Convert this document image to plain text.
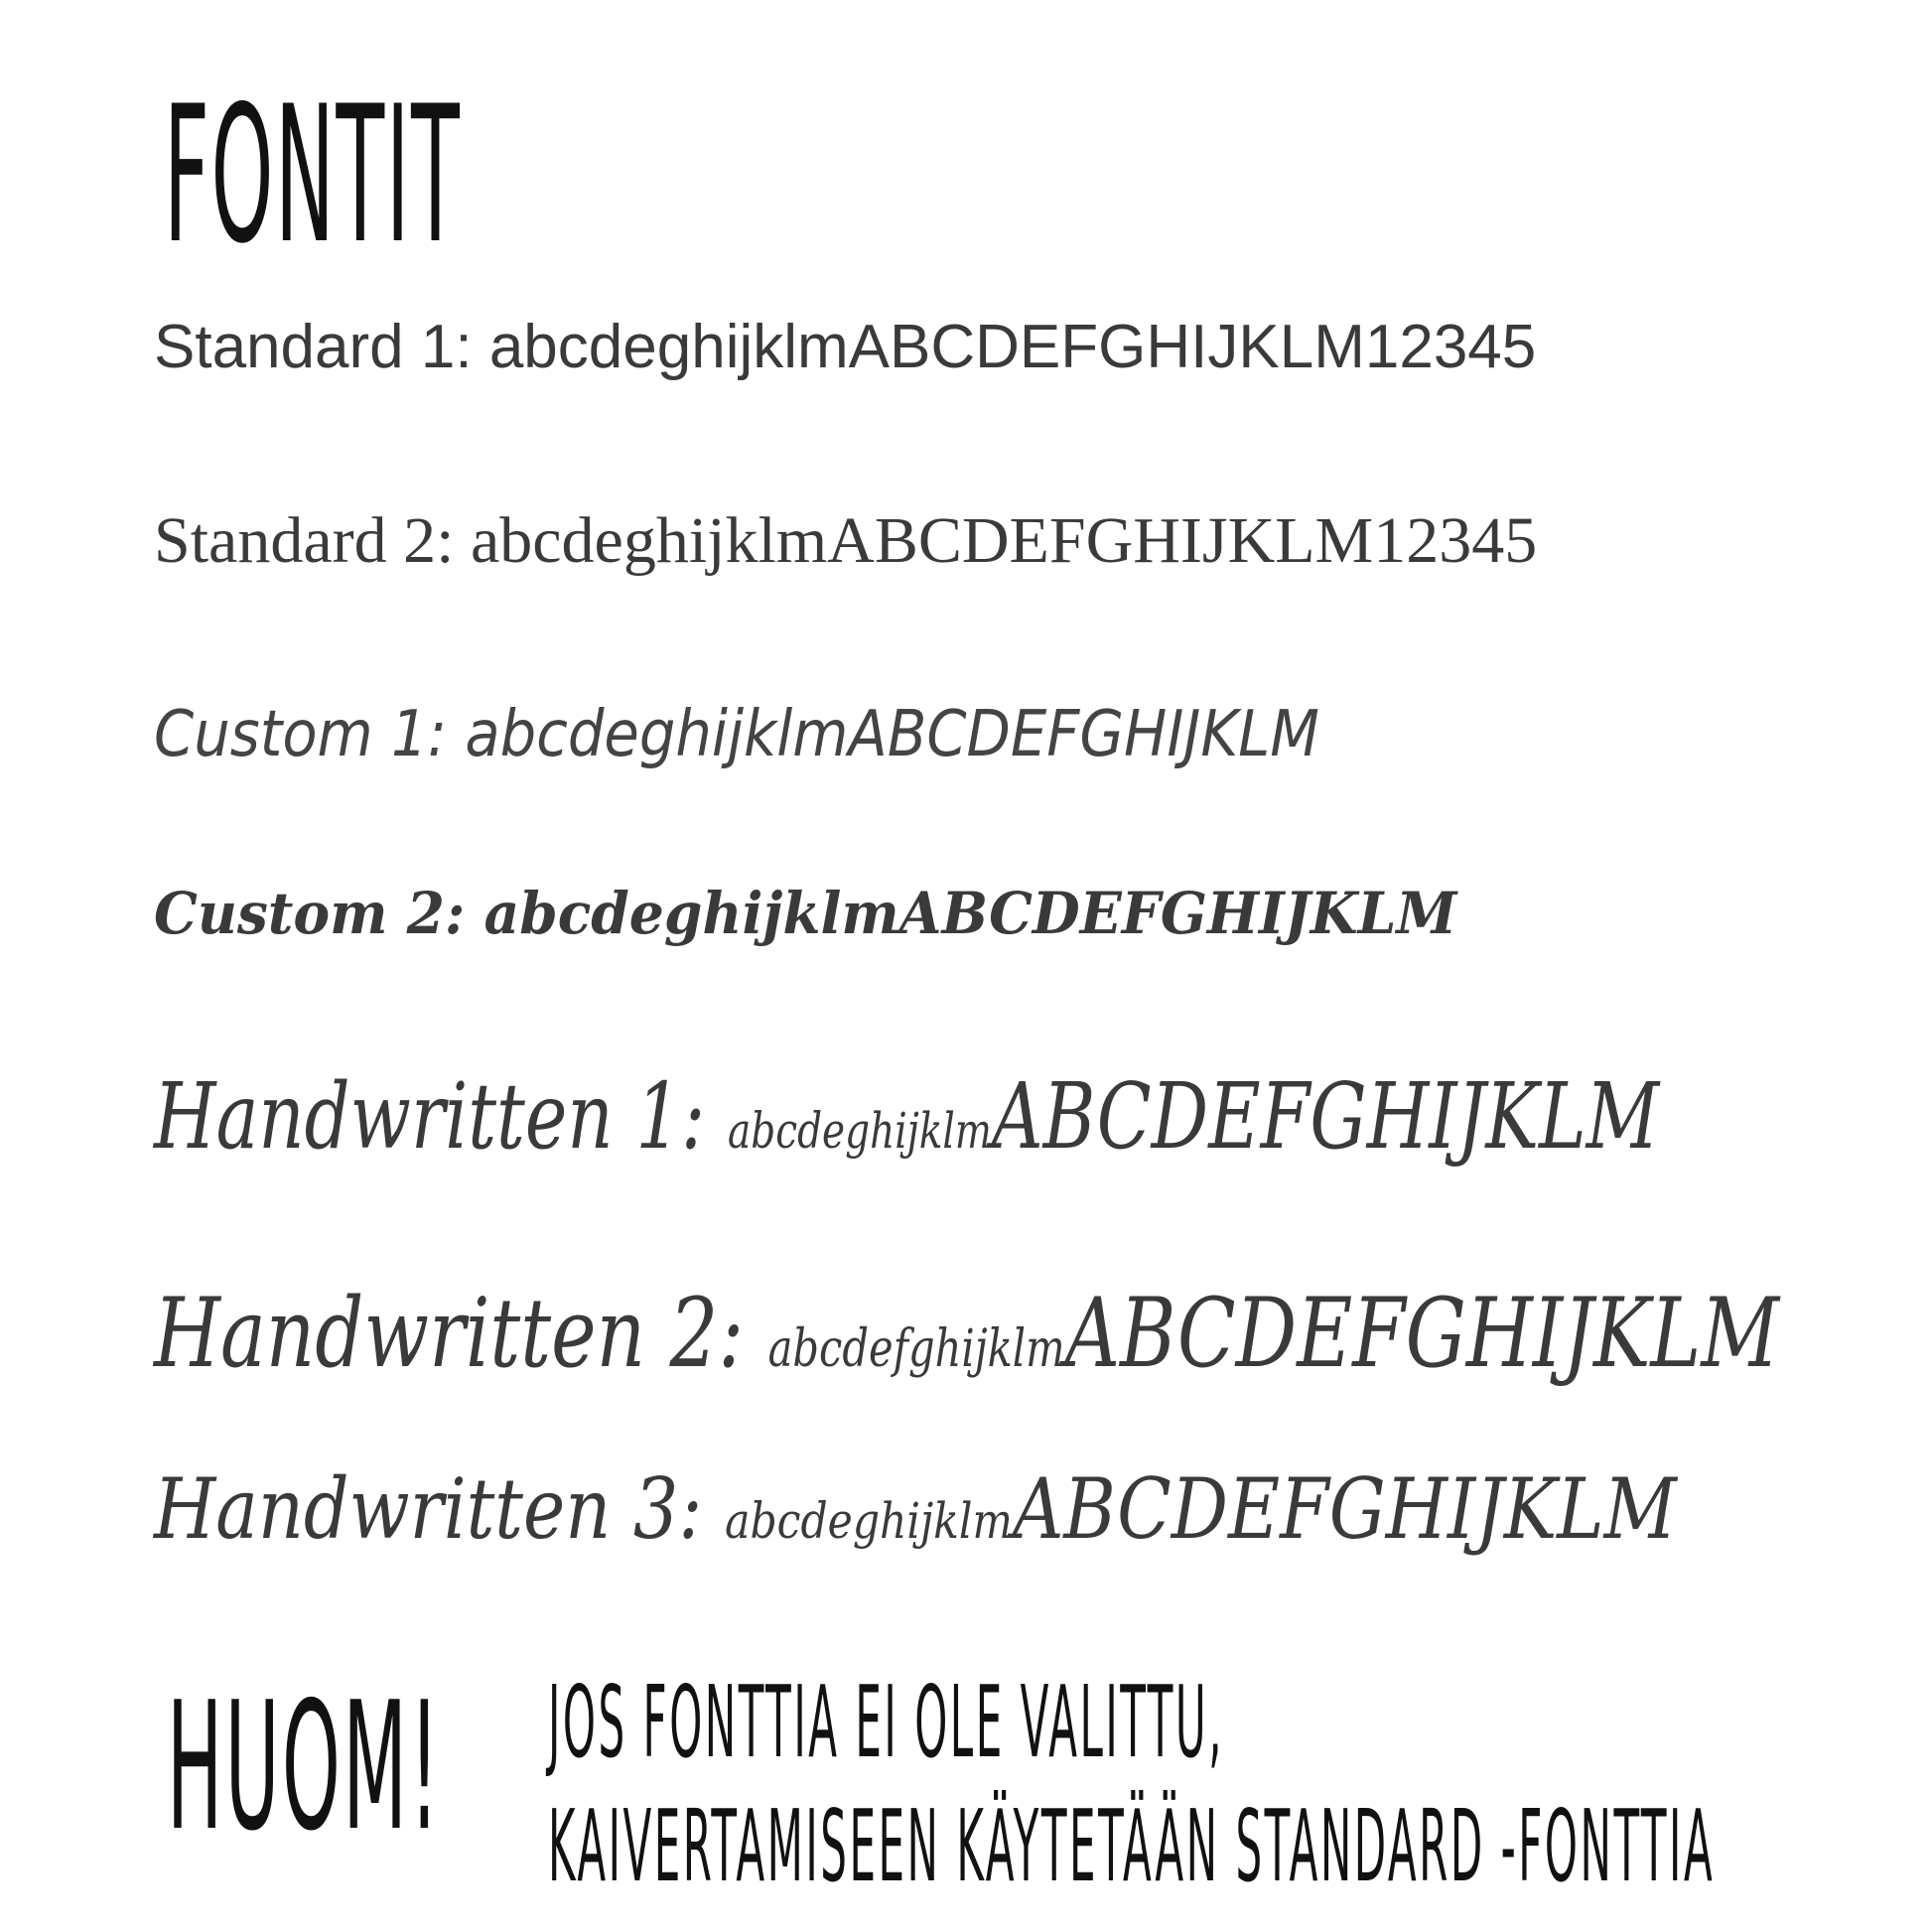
FONTIT
Standard 1: abcdeghijklmABCDEFGHIJKLM12345
Standard 2: abcdeghijklmABCDEFGHIJKLM12345
Custom 1: abcdeghijklmABCDEFGHIJKLM
Custom 2: abcdeghijklmABCDEFGHIJKLM
Handwritten 1: abcdeghijklmABCDEFGHIJKLM
Handwritten 2: abcdefghijklmABCDEFGHIJKLM
Handwritten 3: abcdeghijklmABCDEFGHIJKLM
HUOM! JOS FONTTIA EI OLE VALITTU,
KAIVERTAMISEEN KÄYTETÄÄN STANDARD -FONTTIA
